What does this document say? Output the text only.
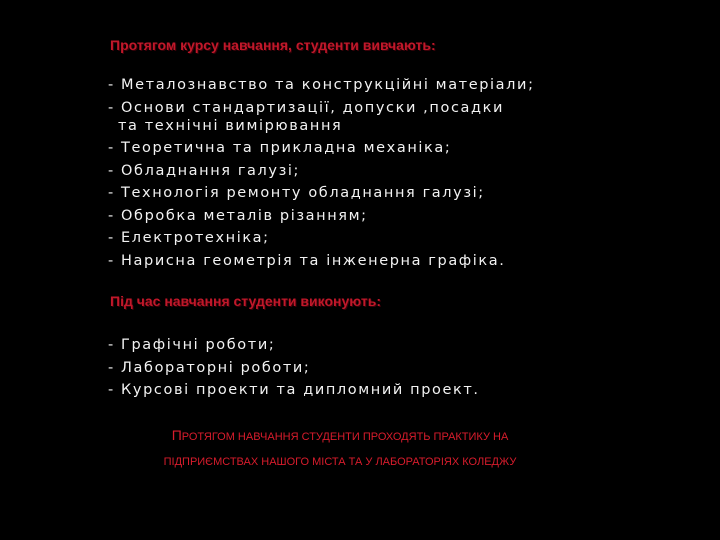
Протягом курсу навчання, студенти вивчають:
- Металознавство та конструкційні матеріали;
- Основи стандартизації, допуски ,посадки
та технічні вимірювання
- Теоретична та прикладна механіка;
- Обладнання галузі;
- Технологія ремонту обладнання галузі;
- Обробка металів різанням;
- Електротехніка;
- Нарисна геометрія та інженерна графіка.
Під час навчання студенти виконують:
- Графічні роботи;
- Лабораторні роботи;
- Курсові проекти та дипломний проект.
ПРОТЯГОМ НАВЧАННЯ СТУДЕНТИ ПРОХОДЯТЬ ПРАКТИКУ НА
ПІДПРИЄМСТВАХ НАШОГО МІСТА ТА У ЛАБОРАТОРІЯХ КОЛЕДЖУ
